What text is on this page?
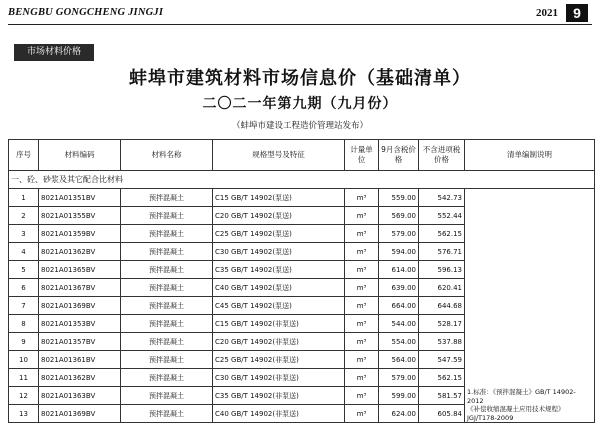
BENGBU GONGCHENG JINGJI	2021	9
市场材料价格
蚌埠市建筑材料市场信息价（基础清单）
二〇二一年第九期（九月份）
（蚌埠市建设工程造价管理站发布）
序号	材料编码	材料名称	规格型号及特征	计量单位	9月含税价格	不含进项税价格	清单编制说明
一、砼、砂浆及其它配合比材料							
1	8021A01351BV	预拌混凝土	C15 GB/T 14902(泵送)	m³	559.00	542.73	1.标准：《预拌混凝土》GB/T 14902-2012
《补偿收缩混凝土应用技术规程》JGJ/T178-2009

2	8021A01355BV	预拌混凝土	C20 GB/T 14902(泵送)	m³	569.00	552.44	
3	8021A01359BV	预拌混凝土	C25 GB/T 14902(泵送)	m³	579.00	562.15	
4	8021A01362BV	预拌混凝土	C30 GB/T 14902(泵送)	m³	594.00	576.71	
5	8021A01365BV	预拌混凝土	C35 GB/T 14902(泵送)	m³	614.00	596.13	
6	8021A01367BV	预拌混凝土	C40 GB/T 14902(泵送)	m³	639.00	620.41	
7	8021A01369BV	预拌混凝土	C45 GB/T 14902(泵送)	m³	664.00	644.68	
8	8021A01353BV	预拌混凝土	C15 GB/T 14902(非泵送)	m³	544.00	528.17	
9	8021A01357BV	预拌混凝土	C20 GB/T 14902(非泵送)	m³	554.00	537.88	
10	8021A01361BV	预拌混凝土	C25 GB/T 14902(非泵送)	m³	564.00	547.59	
11	8021A01362BV	预拌混凝土	C30 GB/T 14902(非泵送)	m³	579.00	562.15	
12	8021A01363BV	预拌混凝土	C35 GB/T 14902(非泵送)	m³	599.00	581.57	
13	8021A01369BV	预拌混凝土	C40 GB/T 14902(非泵送)	m³	624.00	605.84	
